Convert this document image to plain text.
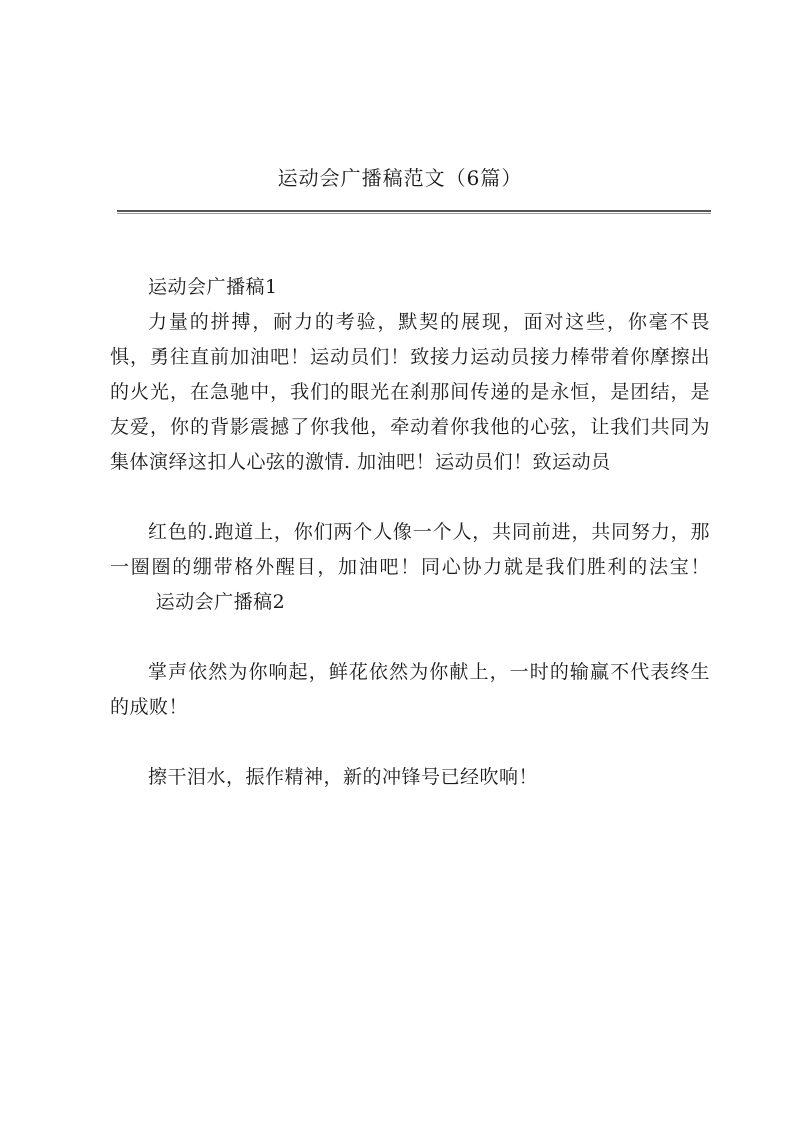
运动会广播稿范文（6篇）

运动会广播稿1

力量的拼搏，耐力的考验，默契的展现，面对这些，你毫不畏惧，勇往直前加油吧！运动员们！致接力运动员接力棒带着你摩擦出的火光，在急驰中，我们的眼光在刹那间传递的是永恒，是团结，是友爱，你的背影震撼了你我他，牵动着你我他的心弦，让我们共同为集体演绎这扣人心弦的激情. 加油吧！运动员们！致运动员

红色的.跑道上，你们两个人像一个人，共同前进，共同努力，那一圈圈的绷带格外醒目，加油吧！同心协力就是我们胜利的法宝！运动会广播稿2

掌声依然为你响起，鲜花依然为你献上，一时的输赢不代表终生的成败！

擦干泪水，振作精神，新的冲锋号已经吹响！
